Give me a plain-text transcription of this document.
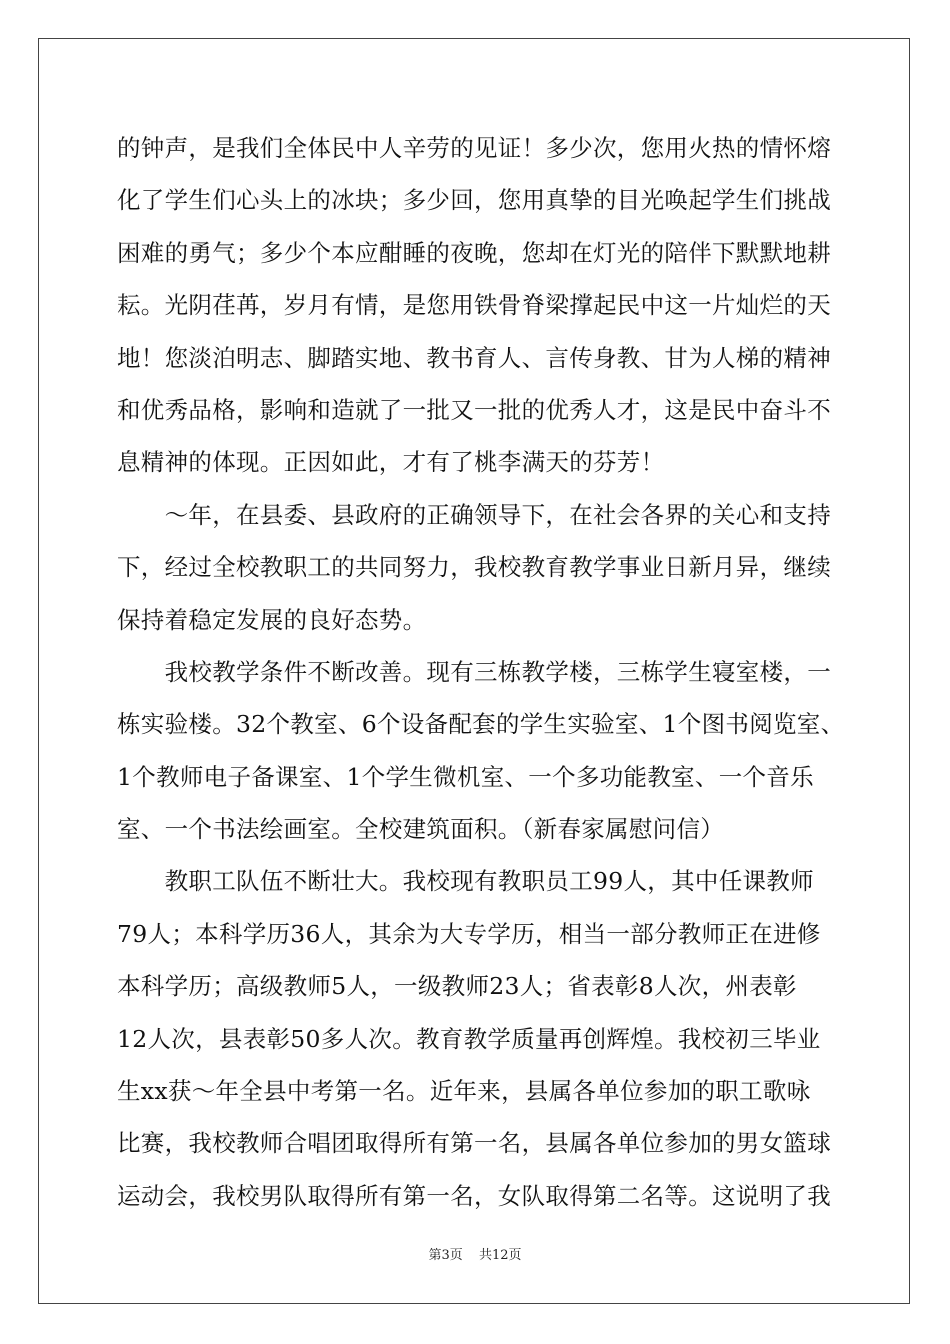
的钟声，是我们全体民中人辛劳的见证！多少次，您用火热的情怀熔
化了学生们心头上的冰块；多少回，您用真挚的目光唤起学生们挑战
困难的勇气；多少个本应酣睡的夜晚，您却在灯光的陪伴下默默地耕
耘。光阴荏苒，岁月有情，是您用铁骨脊梁撑起民中这一片灿烂的天
地！您淡泊明志、脚踏实地、教书育人、言传身教、甘为人梯的精神
和优秀品格，影响和造就了一批又一批的优秀人才，这是民中奋斗不
息精神的体现。正因如此，才有了桃李满天的芬芳！
　　～年，在县委、县政府的正确领导下，在社会各界的关心和支持
下，经过全校教职工的共同努力，我校教育教学事业日新月异，继续
保持着稳定发展的良好态势。
　　我校教学条件不断改善。现有三栋教学楼，三栋学生寝室楼，一
栋实验楼。32个教室、6个设备配套的学生实验室、1个图书阅览室、
1个教师电子备课室、1个学生微机室、一个多功能教室、一个音乐
室、一个书法绘画室。全校建筑面积。（新春家属慰问信）
　　教职工队伍不断壮大。我校现有教职员工99人，其中任课教师
79人；本科学历36人，其余为大专学历，相当一部分教师正在进修
本科学历；高级教师5人，一级教师23人；省表彰8人次，州表彰
12人次，县表彰50多人次。教育教学质量再创辉煌。我校初三毕业
生xx获～年全县中考第一名。近年来，县属各单位参加的职工歌咏
比赛，我校教师合唱团取得所有第一名，县属各单位参加的男女篮球
运动会，我校男队取得所有第一名，女队取得第二名等。这说明了我
第3页 共12页
